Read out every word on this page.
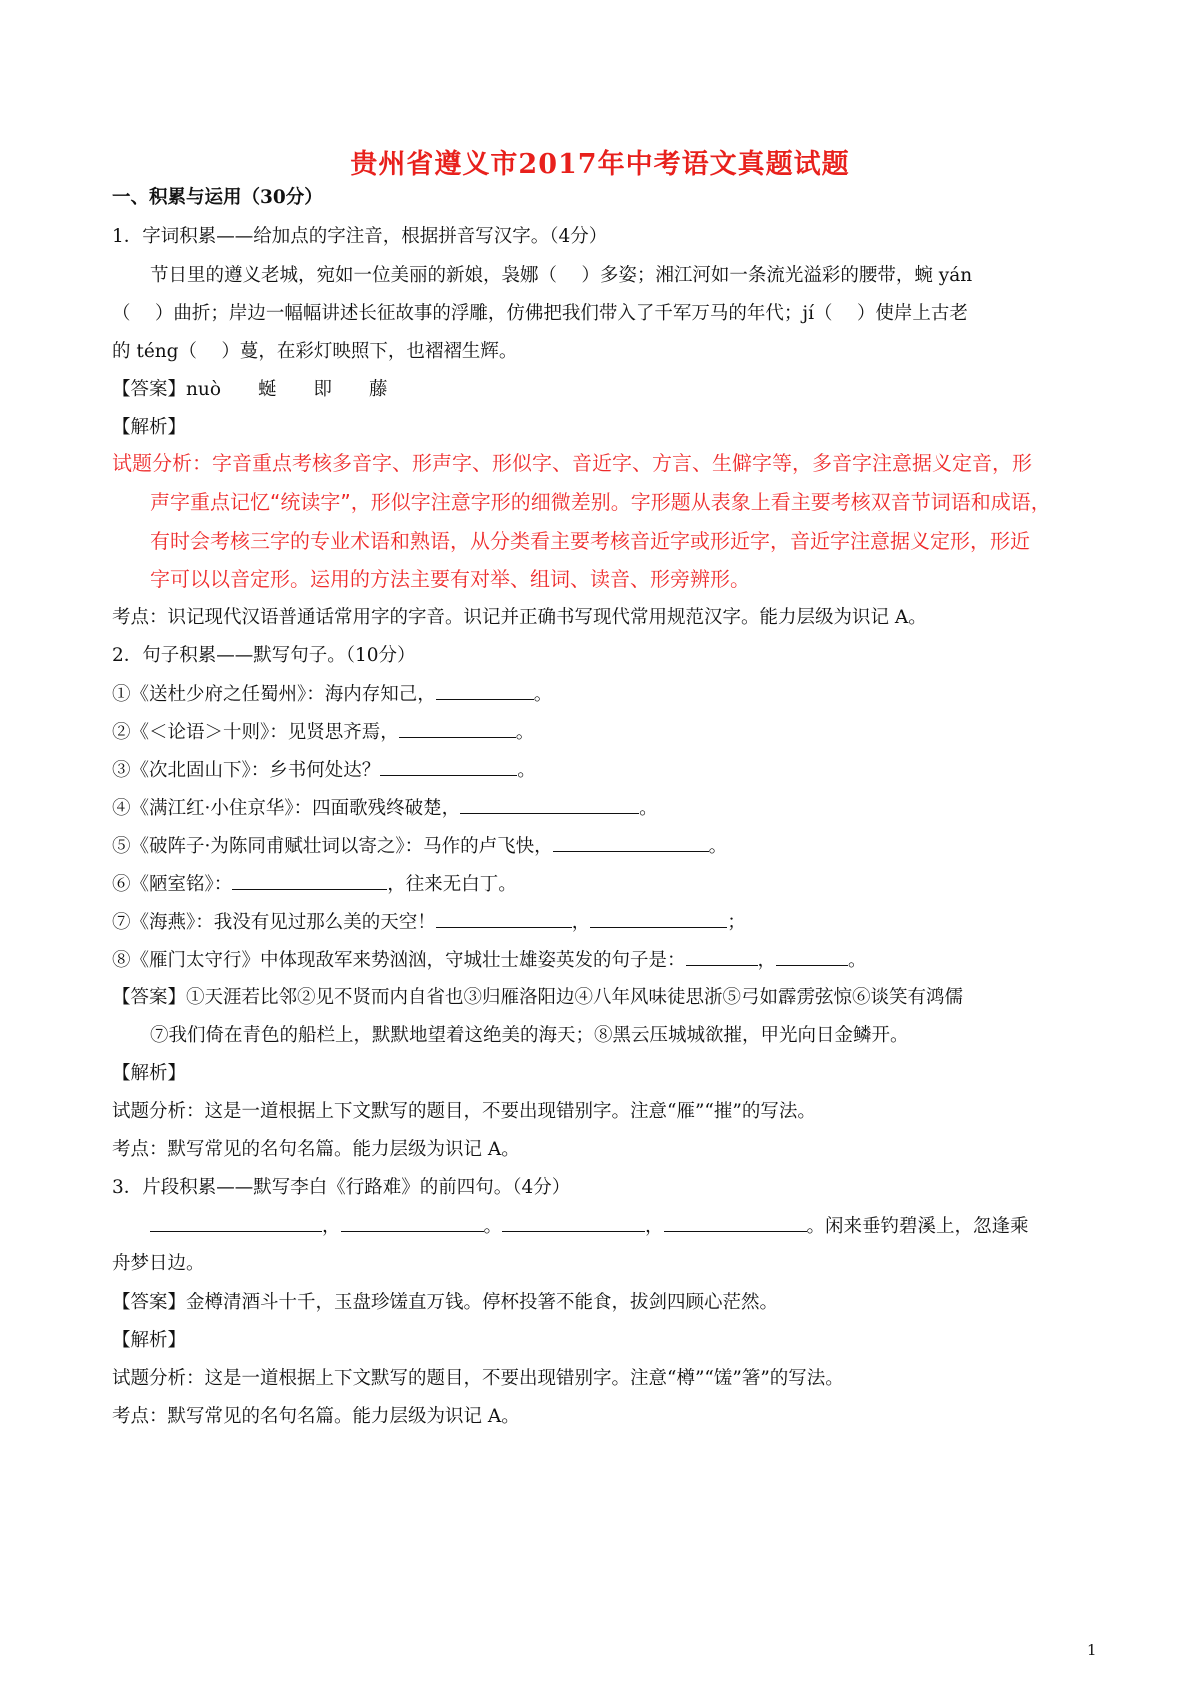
贵州省遵义市2017年中考语文真题试题
一、积累与运用（30分）
1．字词积累——给加点的字注音，根据拼音写汉字。（4分）
节日里的遵义老城，宛如一位美丽的新娘，袅娜（　 ）多姿；湘江河如一条流光溢彩的腰带，蜿 yán
（　 ）曲折；岸边一幅幅讲述长征故事的浮雕，仿佛把我们带入了千军万马的年代；jí（　 ）使岸上古老
的 téng（　 ）蔓，在彩灯映照下，也褶褶生辉。
【答案】nuò　　蜒　　即　　藤
【解析】
试题分析：字音重点考核多音字、形声字、形似字、音近字、方言、生僻字等，多音字注意据义定音，形
声字重点记忆“统读字”，形似字注意字形的细微差别。字形题从表象上看主要考核双音节词语和成语，
有时会考核三字的专业术语和熟语，从分类看主要考核音近字或形近字，音近字注意据义定形，形近
字可以以音定形。运用的方法主要有对举、组词、读音、形旁辨形。
考点：识记现代汉语普通话常用字的字音。识记并正确书写现代常用规范汉字。能力层级为识记 A。
2．句子积累——默写句子。（10分）
①《送杜少府之任蜀州》：海内存知己，	。
②《＜论语＞十则》：见贤思齐焉，	。
③《次北固山下》：乡书何处达？	。
④《满江红·小住京华》：四面歌残终破楚，	。
⑤《破阵子·为陈同甫赋壮词以寄之》：马作的卢飞快，	。
⑥《陋室铭》：	，往来无白丁。
⑦《海燕》：我没有见过那么美的天空！	，	；
⑧《雁门太守行》中体现敌军来势汹汹，守城壮士雄姿英发的句子是：	，	。
【答案】①天涯若比邻②见不贤而内自省也③归雁洛阳边④八年风味徒思浙⑤弓如霹雳弦惊⑥谈笑有鸿儒
⑦我们倚在青色的船栏上，默默地望着这绝美的海天；⑧黑云压城城欲摧，甲光向日金鳞开。
【解析】
试题分析：这是一道根据上下文默写的题目，不要出现错别字。注意“雁”“摧”的写法。
考点：默写常见的名句名篇。能力层级为识记 A。
3．片段积累——默写李白《行路难》的前四句。（4分）
，	。	，	。闲来垂钓碧溪上，忽逢乘
舟梦日边。
【答案】金樽清酒斗十千，玉盘珍馐直万钱。停杯投箸不能食，拔剑四顾心茫然。
【解析】
试题分析：这是一道根据上下文默写的题目，不要出现错别字。注意“樽”“馐”箸”的写法。
考点：默写常见的名句名篇。能力层级为识记 A。
1
